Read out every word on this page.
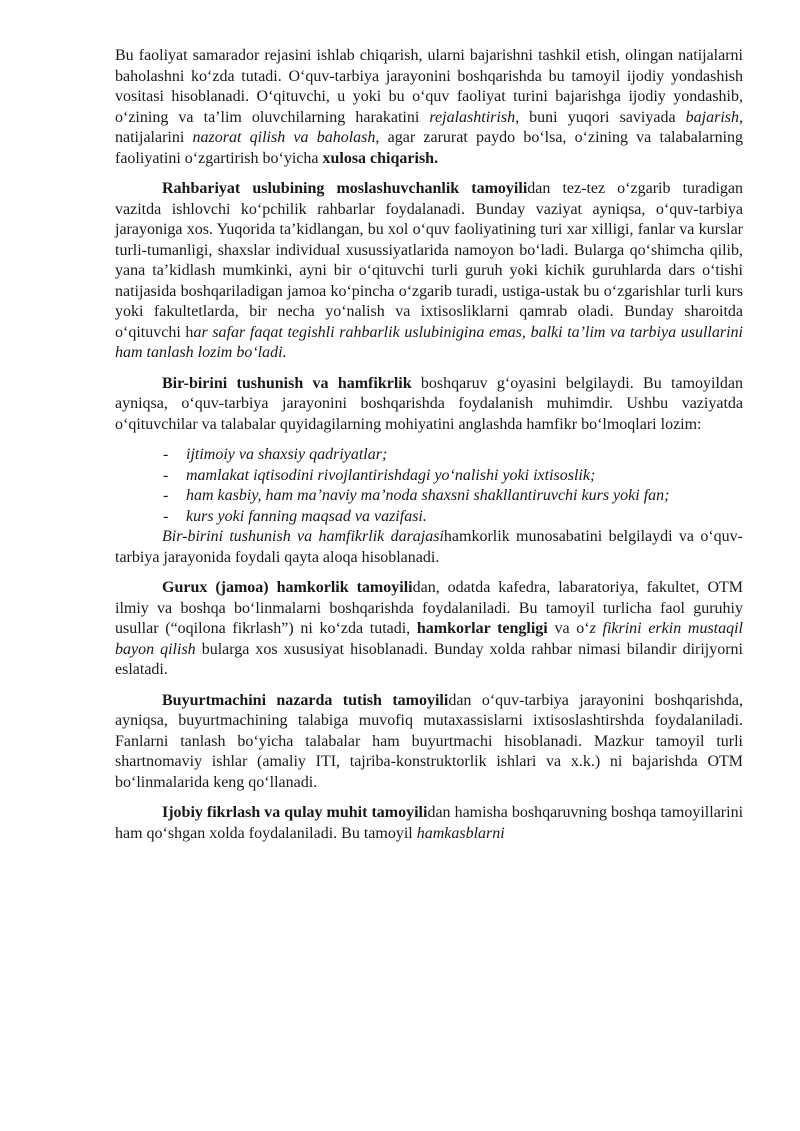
Bu faoliyat samarador rejasini ishlab chiqarish, ularni bajarishni tashkil etish, olingan natijalarni baholashni koʻzda tutadi. Oʻquv-tarbiya jarayonini boshqarishda bu tamoyil ijodiy yondashish vositasi hisoblanadi. Oʻqituvchi, u yoki bu oʻquv faoliyat turini bajarishga ijodiy yondashib, oʻzining va ta’lim oluvchilarning harakatini rejalashtirish, buni yuqori saviyada bajarish, natijalarini nazorat qilish va baholash, agar zarurat paydo boʻlsa, oʻzining va talabalarning faoliyatini oʻzgartirish boʻyicha xulosa chiqarish.

Rahbariyat uslubining moslashuvchanlik tamoyilidan tez-tez oʻzgarib turadigan vazitda ishlovchi koʻpchilik rahbarlar foydalanadi. Bunday vaziyat ayniqsa, oʻquv-tarbiya jarayoniga xos. Yuqorida ta’kidlangan, bu xol oʻquv faoliyatining turi xar xilligi, fanlar va kurslar turli-tumanligi, shaxslar individual xusussiyatlarida namoyon boʻladi. Bularga qoʻshimcha qilib, yana ta’kidlash mumkinki, ayni bir oʻqituvchi turli guruh yoki kichik guruhlarda dars oʻtishi natijasida boshqariladigan jamoa koʻpincha oʻzgarib turadi, ustiga-ustak bu oʻzgarishlar turli kurs yoki fakultetlarda, bir necha yoʻnalish va ixtisosliklarni qamrab oladi. Bunday sharoitda oʻqituvchi har safar faqat tegishli rahbarlik uslubinigina emas, balki ta’lim va tarbiya usullarini ham tanlash lozim boʻladi.

Bir-birini tushunish va hamfikrlik boshqaruv gʻoyasini belgilaydi. Bu tamoyildan ayniqsa, oʻquv-tarbiya jarayonini boshqarishda foydalanish muhimdir. Ushbu vaziyatda oʻqituvchilar va talabalar quyidagilarning mohiyatini anglashda hamfikr boʻlmoqlari lozim:

- ijtimoiy va shaxsiy qadriyatlar;
- mamlakat iqtisodini rivojlantirishdagi yoʻnalishi yoki ixtisoslik;
- ham kasbiy, ham ma’naviy ma’noda shaxsni shakllantiruvchi kurs yoki fan;
- kurs yoki fanning maqsad va vazifasi.

Bir-birini tushunish va hamfikrlik darajasihamkorlik munosabatini belgilaydi va oʻquv-tarbiya jarayonida foydali qayta aloqa hisoblanadi.

Gurux (jamoa) hamkorlik tamoyilidan, odatda kafedra, labaratoriya, fakultet, OTM ilmiy va boshqa boʻlinmalarni boshqarishda foydalaniladi. Bu tamoyil turlicha faol guruhiy usullar (“oqilona fikrlash”) ni koʻzda tutadi, hamkorlar tengligi va oʻz fikrini erkin mustaqil bayon qilish bularga xos xususiyat hisoblanadi. Bunday xolda rahbar nimasi bilandir dirijyorni eslatadi.

Buyurtmachini nazarda tutish tamoyilidan oʻquv-tarbiya jarayonini boshqarishda, ayniqsa, buyurtmachining talabiga muvofiq mutaxassislarni ixtisoslashtirshda foydalaniladi. Fanlarni tanlash boʻyicha talabalar ham buyurtmachi hisoblanadi. Mazkur tamoyil turli shartnomaviy ishlar (amaliy ITI, tajriba-konstruktorlik ishlari va x.k.) ni bajarishda OTM boʻlinmalarida keng qoʻllanadi.

Ijobiy fikrlash va qulay muhit tamoyilidan hamisha boshqaruvning boshqa tamoyillarini ham qoʻshgan xolda foydalaniladi. Bu tamoyil hamkasblarni
